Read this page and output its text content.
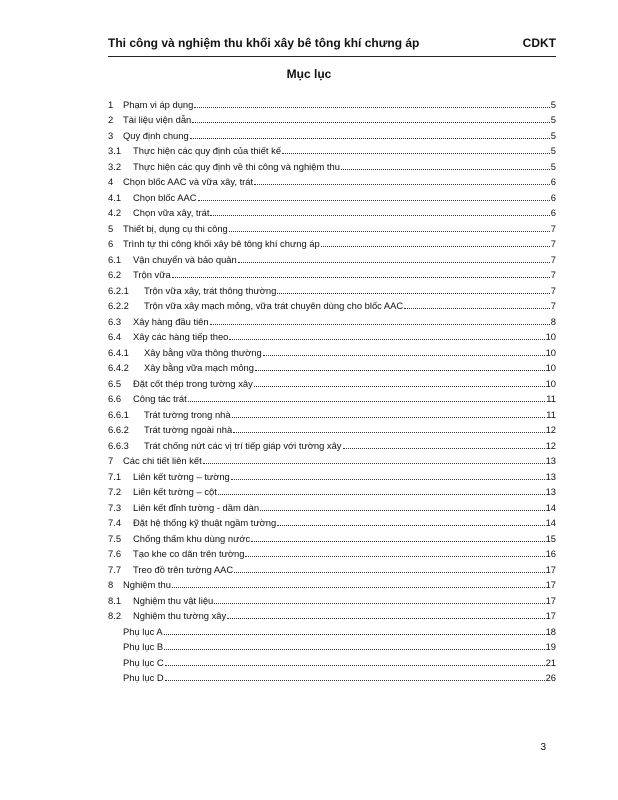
Thi công và nghiệm thu khối xây bê tông khí chưng áp	CDKT
Mục lục
1	Phạm vi áp dụng	5
2	Tài liệu viện dẫn	5
3	Quy định chung	5
3.1	Thực hiện các quy định của thiết kế	5
3.2	Thực hiện các quy định về thi công và nghiệm thu	5
4	Chọn blốc AAC và vữa xây, trát	6
4.1	Chọn blốc AAC	6
4.2	Chọn vữa xây, trát	6
5	Thiết bị, dụng cụ thi công	7
6	Trình tự thi công khối xây bê tông khí chưng áp	7
6.1	Vận chuyển và bảo quản	7
6.2	Trộn vữa	7
6.2.1	Trộn vữa xây, trát thông thường	7
6.2.2	Trộn vữa xây mạch mỏng, vữa trát chuyên dùng cho blốc AAC	7
6.3	Xây hàng đầu tiên	8
6.4	Xây các hàng tiếp theo	10
6.4.1	Xây bằng vữa thông thường	10
6.4.2	Xây bằng vữa mạch mỏng	10
6.5	Đặt cốt thép trong tường xây	10
6.6	Công tác trát	11
6.6.1	Trát tường trong nhà	11
6.6.2	Trát tường ngoài nhà	12
6.6.3	Trát chống nứt các vị trí tiếp giáp với tường xây	12
7	Các chi tiết liên kết	13
7.1	Liên kết tường – tường	13
7.2	Liên kết tường – cột	13
7.3	Liên kết đỉnh tường - dầm dàn	14
7.4	Đặt hệ thống kỹ thuật ngầm tường	14
7.5	Chống thấm khu dùng nước	15
7.6	Tạo khe co dãn trên tường	16
7.7	Treo đồ trên tường AAC	17
8	Nghiệm thu	17
8.1	Nghiệm thu vật liệu	17
8.2	Nghiệm thu tường xây	17
Phụ lục A	18
Phụ lục B	19
Phụ lục C	21
Phụ lục D	26
3
